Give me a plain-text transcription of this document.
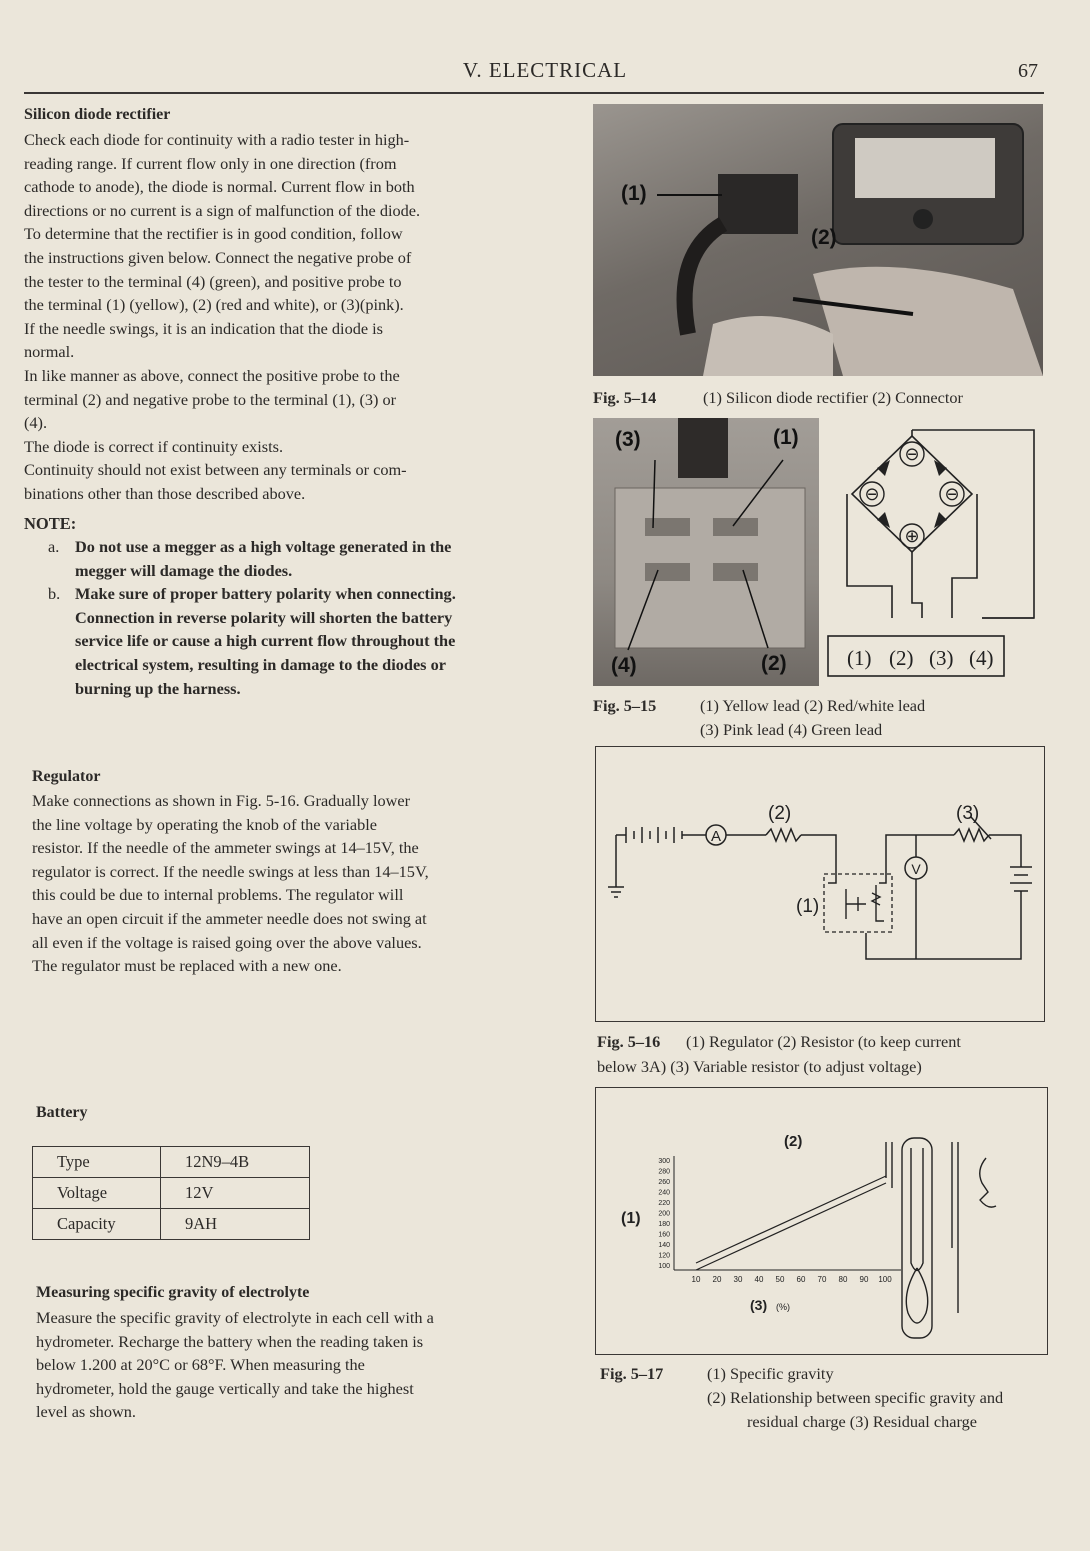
V. ELECTRICAL	67
Silicon diode rectifier
Check each diode for continuity with a radio tester in high-
reading range. If current flow only in one direction (from
cathode to anode), the diode is normal. Current flow in both
directions or no current is a sign of malfunction of the diode.
To determine that the rectifier is in good condition, follow
the instructions given below. Connect the negative probe of
the tester to the terminal (4) (green), and positive probe to
the terminal (1) (yellow), (2) (red and white), or (3)(pink).
If the needle swings, it is an indication that the diode is
normal.
In like manner as above, connect the positive probe to the
terminal (2) and negative probe to the terminal (1), (3) or
(4).
The diode is correct if continuity exists.
Continuity should not exist between any terminals or com-
binations other than those described above.
NOTE:
a. Do not use a megger as a high voltage generated in the
megger will damage the diodes.
b. Make sure of proper battery polarity when connecting.
Connection in reverse polarity will shorten the battery
service life or cause a high current flow throughout the
electrical system, resulting in damage to the diodes or
burning up the harness.
Regulator
Make connections as shown in Fig. 5-16. Gradually lower
the line voltage by operating the knob of the variable
resistor. If the needle of the ammeter swings at 14–15V, the
regulator is correct. If the needle swings at less than 14–15V,
this could be due to internal problems. The regulator will
have an open circuit if the ammeter needle does not swing at
all even if the voltage is raised going over the above values.
The regulator must be replaced with a new one.
Battery
Type	12N9–4B
Voltage	12V
Capacity	9AH
Measuring specific gravity of electrolyte
Measure the specific gravity of electrolyte in each cell with a
hydrometer. Recharge the battery when the reading taken is
below 1.200 at 20°C or 68°F. When measuring the
hydrometer, hold the gauge vertically and take the highest
level as shown.
(1)
(2)
Fig. 5–14	(1) Silicon diode rectifier (2) Connector
(3)	(1)
(4)	(2)
⊖
⊖	⊖
⊕
(1) (2) (3) (4)
Fig. 5–15	(1) Yellow lead (2) Red/white lead
(3) Pink lead (4) Green lead
A
V
(2)	(3)
(1)
Fig. 5–16 (1) Regulator (2) Resistor (to keep current
below 3A) (3) Variable resistor (to adjust voltage)
300
280
260
240
220
200
180
160
140
120
100
10 20 30 40 50 60 70 80 90 100
(1)
(2)
(3) (%)
Fig. 5–17	(1) Specific gravity
(2) Relationship between specific gravity and
residual charge (3) Residual charge
